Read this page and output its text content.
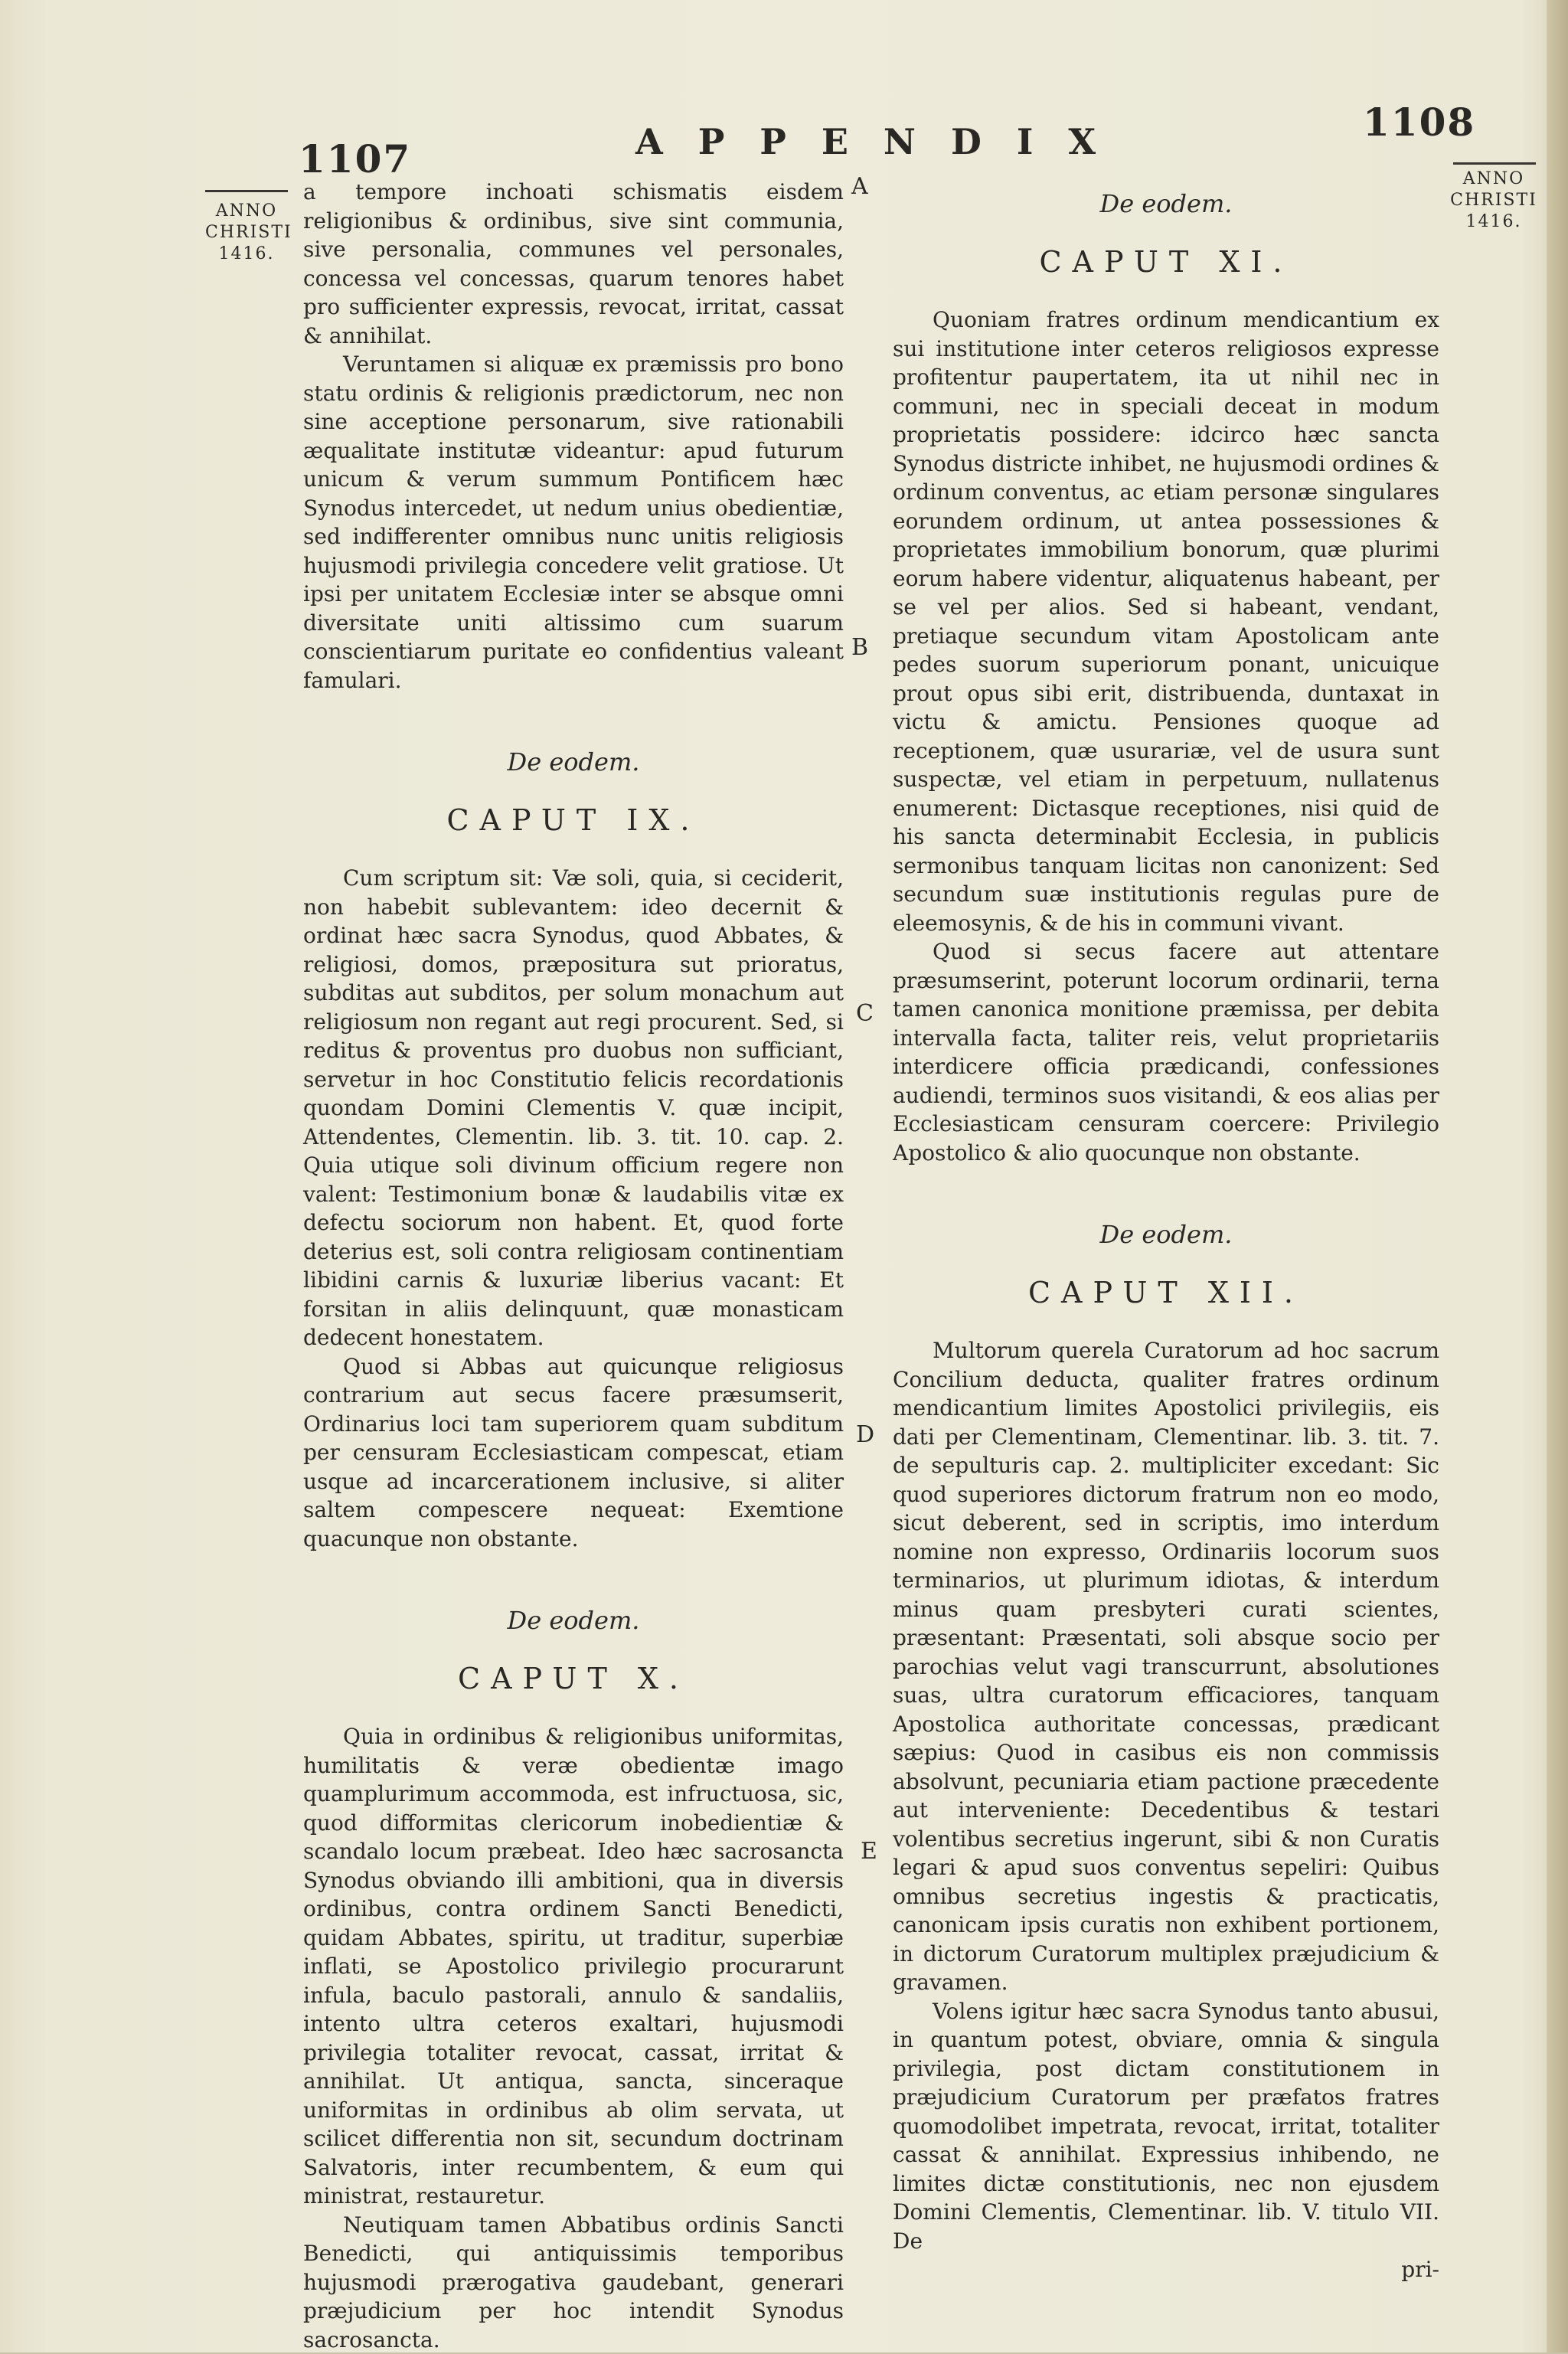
1107	APPENDIX	1108
ANNO
CHRISTI
1416.
ANNO
CHRISTI
1416.
A
B
C
D
E

a tempore inchoati schismatis eisdem religionibus & ordinibus, sive sint communia, sive personalia, communes vel personales, concessa vel concessas, quarum tenores habet pro sufficienter expressis, revocat, irritat, cassat & annihilat.

Veruntamen si aliquæ ex præmissis pro bono statu ordinis & religionis prædictorum, nec non sine acceptione personarum, sive rationabili æqualitate institutæ videantur: apud futurum unicum & verum summum Pontificem hæc Synodus intercedet, ut nedum unius obedientiæ, sed indifferenter omnibus nunc unitis religiosis hujusmodi privilegia concedere velit gratiose. Ut ipsi per unitatem Ecclesiæ inter se absque omni diversitate uniti altissimo cum suarum conscientiarum puritate eo confidentius valeant famulari.

De eodem.

CAPUT IX.

Cum scriptum sit: Væ soli, quia, si ceciderit, non habebit sublevantem: ideo decernit & ordinat hæc sacra Synodus, quod Abbates, & religiosi, domos, præpositura sut prioratus, subditas aut subditos, per solum monachum aut religiosum non regant aut regi procurent. Sed, si reditus & proventus pro duobus non sufficiant, servetur in hoc Constitutio felicis recordationis quondam Domini Clementis V. quæ incipit, Attendentes, Clementin. lib. 3. tit. 10. cap. 2. Quia utique soli divinum officium regere non valent: Testimonium bonæ & laudabilis vitæ ex defectu sociorum non habent. Et, quod forte deterius est, soli contra religiosam continentiam libidini carnis & luxuriæ liberius vacant: Et forsitan in aliis delinquunt, quæ monasticam dedecent honestatem.

Quod si Abbas aut quicunque religiosus contrarium aut secus facere præsumserit, Ordinarius loci tam superiorem quam subditum per censuram Ecclesiasticam compescat, etiam usque ad incarcerationem inclusive, si aliter saltem compescere nequeat: Exemtione quacunque non obstante.

De eodem.

CAPUT X.

Quia in ordinibus & religionibus uniformitas, humilitatis & veræ obedientæ imago quamplurimum accommoda, est infructuosa, sic, quod difformitas clericorum inobedientiæ & scandalo locum præbeat. Ideo hæc sacrosancta Synodus obviando illi ambitioni, qua in diversis ordinibus, contra ordinem Sancti Benedicti, quidam Abbates, spiritu, ut traditur, superbiæ inflati, se Apostolico privilegio procurarunt infula, baculo pastorali, annulo & sandaliis, intento ultra ceteros exaltari, hujusmodi privilegia totaliter revocat, cassat, irritat & annihilat. Ut antiqua, sancta, sinceraque uniformitas in ordinibus ab olim servata, ut scilicet differentia non sit, secundum doctrinam Salvatoris, inter recumbentem, & eum qui ministrat, restauretur.

Neutiquam tamen Abbatibus ordinis Sancti Benedicti, qui antiquissimis temporibus hujusmodi prærogativa gaudebant, generari præjudicium per hoc intendit Synodus sacrosancta.

De eodem.

CAPUT XI.

Quoniam fratres ordinum mendicantium ex sui institutione inter ceteros religiosos expresse profitentur paupertatem, ita ut nihil nec in communi, nec in speciali deceat in modum proprietatis possidere: idcirco hæc sancta Synodus districte inhibet, ne hujusmodi ordines & ordinum conventus, ac etiam personæ singulares eorundem ordinum, ut antea possessiones & proprietates immobilium bonorum, quæ plurimi eorum habere videntur, aliquatenus habeant, per se vel per alios. Sed si habeant, vendant, pretiaque secundum vitam Apostolicam ante pedes suorum superiorum ponant, unicuique prout opus sibi erit, distribuenda, duntaxat in victu & amictu. Pensiones quoque ad receptionem, quæ usurariæ, vel de usura sunt suspectæ, vel etiam in perpetuum, nullatenus enumerent: Dictasque receptiones, nisi quid de his sancta determinabit Ecclesia, in publicis sermonibus tanquam licitas non canonizent: Sed secundum suæ institutionis regulas pure de eleemosynis, & de his in communi vivant.

Quod si secus facere aut attentare præsumserint, poterunt locorum ordinarii, terna tamen canonica monitione præmissa, per debita intervalla facta, taliter reis, velut proprietariis interdicere officia prædicandi, confessiones audiendi, terminos suos visitandi, & eos alias per Ecclesiasticam censuram coercere: Privilegio Apostolico & alio quocunque non obstante.

De eodem.

CAPUT XII.

Multorum querela Curatorum ad hoc sacrum Concilium deducta, qualiter fratres ordinum mendicantium limites Apostolici privilegiis, eis dati per Clementinam, Clementinar. lib. 3. tit. 7. de sepulturis cap. 2. multipliciter excedant: Sic quod superiores dictorum fratrum non eo modo, sicut deberent, sed in scriptis, imo interdum nomine non expresso, Ordinariis locorum suos terminarios, ut plurimum idiotas, & interdum minus quam presbyteri curati scientes, præsentant: Præsentati, soli absque socio per parochias velut vagi transcurrunt, absolutiones suas, ultra curatorum efficaciores, tanquam Apostolica authoritate concessas, prædicant sæpius: Quod in casibus eis non commissis absolvunt, pecuniaria etiam pactione præcedente aut interveniente: Decedentibus & testari volentibus secretius ingerunt, sibi & non Curatis legari & apud suos conventus sepeliri: Quibus omnibus secretius ingestis & practicatis, canonicam ipsis curatis non exhibent portionem, in dictorum Curatorum multiplex præjudicium & gravamen.

Volens igitur hæc sacra Synodus tanto abusui, in quantum potest, obviare, omnia & singula privilegia, post dictam constitutionem in præjudicium Curatorum per præfatos fratres quomodolibet impetrata, revocat, irritat, totaliter cassat & annihilat. Expressius inhibendo, ne limites dictæ constitutionis, nec non ejusdem Domini Clementis, Clementinar. lib. V. titulo VII. De

pri-
